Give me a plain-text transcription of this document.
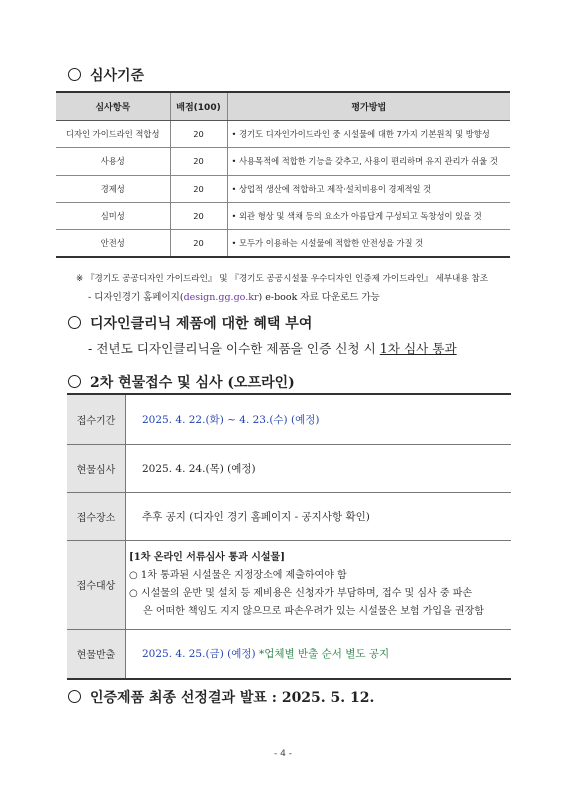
심사기준
심사항목	배점(100)	평가방법
디자인 가이드라인 적합성	20	• 경기도 디자인가이드라인 중 시설물에 대한 7가지 기본원칙 및 방향성
사용성	20	• 사용목적에 적합한 기능을 갖추고, 사용이 편리하며 유지 관리가 쉬울 것
경제성	20	• 상업적 생산에 적합하고 제작·설치비용이 경제적일 것
심미성	20	• 외관 형상 및 색채 등의 요소가 아름답게 구성되고 독창성이 있을 것
안전성	20	• 모두가 이용하는 시설물에 적합한 안전성을 가질 것
※ 『경기도 공공디자인 가이드라인』 및 『경기도 공공시설물 우수디자인 인증제 가이드라인』 세부내용 참조
- 디자인경기 홈페이지(design.gg.go.kr) e-book 자료 다운로드 가능
디자인클리닉 제품에 대한 혜택 부여
- 전년도 디자인클리닉을 이수한 제품을 인증 신청 시 1차 심사 통과
2차 현물접수 및 심사 (오프라인)
접수기간	2025. 4. 22.(화) ~ 4. 23.(수) (예정)
현물심사	2025. 4. 24.(목) (예정)
접수장소	추후 공지 (디자인 경기 홈페이지 - 공지사항 확인)
접수대상	[1차 온라인 서류심사 통과 시설물]
○ 1차 통과된 시설물은 지정장소에 제출하여야 함
○ 시설물의 운반 및 설치 등 제비용은 신청자가 부담하며, 접수 및 심사 중 파손
은 어떠한 책임도 지지 않으므로 파손우려가 있는 시설물은 보험 가입을 권장함

현물반출	2025. 4. 25.(금) (예정) *업체별 반출 순서 별도 공지
인증제품 최종 선정결과 발표 : 2025. 5. 12.
- 4 -
